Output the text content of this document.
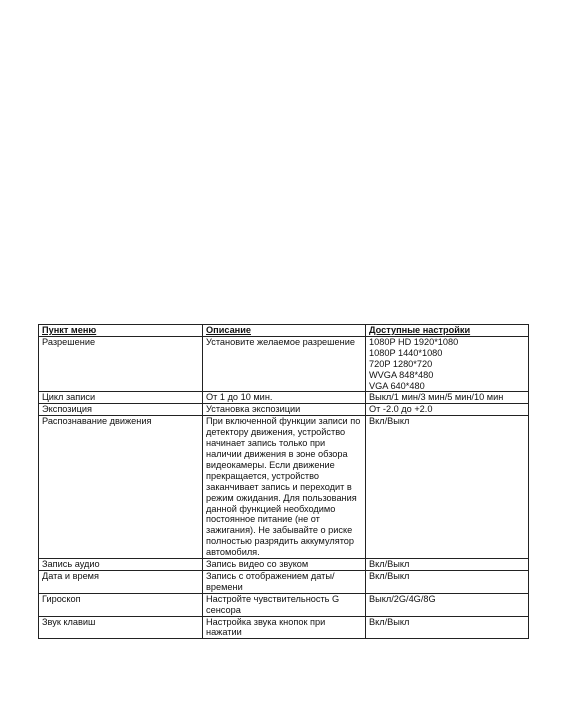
Пункт меню	Описание	Доступные настройки
Разрешение	Установите желаемое разрешение	1080P HD 1920*1080
1080P 1440*1080
720P 1280*720
WVGA 848*480
VGA 640*480
Цикл записи	От 1 до 10 мин.	Выкл/1 мин/3 мин/5 мин/10 мин
Экспозиция	Установка экспозиции	От -2.0 до +2.0
Распознавание движения	При включенной функции записи по детектору движения, устройство начинает запись только при наличии движения в зоне обзора видеокамеры. Если движение прекращается, устройство заканчивает запись и переходит в режим ожидания. Для пользования данной функцией необходимо постоянное питание (не от зажигания). Не забывайте о риске полностью разрядить аккумулятор автомобиля.	Вкл/Выкл
Запись аудио	Запись видео со звуком	Вкл/Выкл
Дата и время	Запись с отображением даты/времени	Вкл/Выкл
Гироскоп	Настройте чувствительность G сенсора	Выкл/2G/4G/8G
Звук клавиш	Настройка звука кнопок при нажатии	Вкл/Выкл
